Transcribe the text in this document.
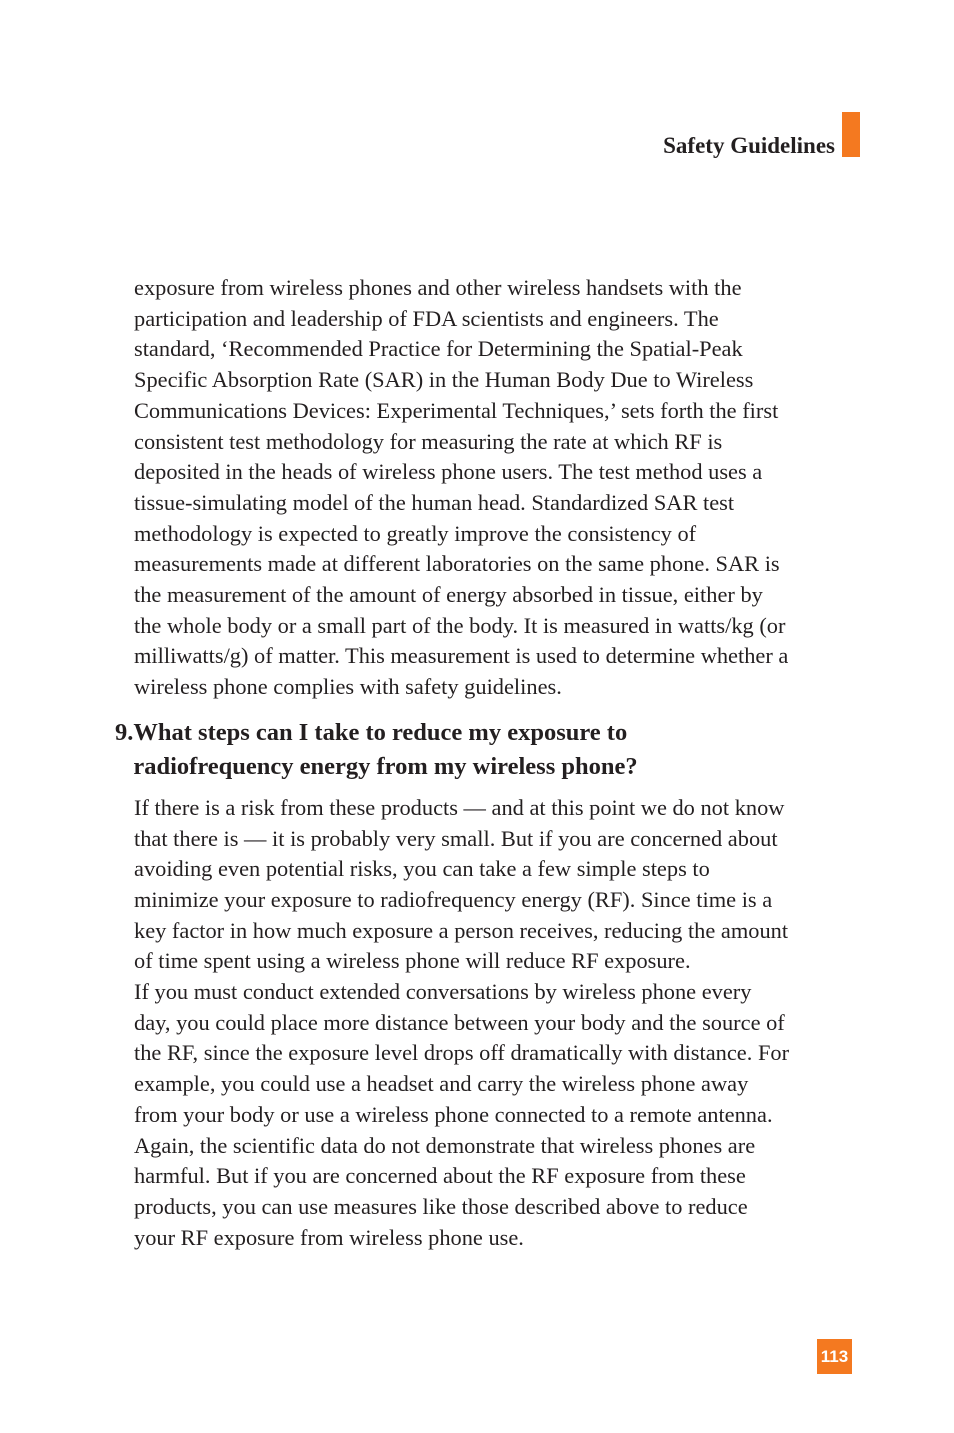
Safety Guidelines

exposure from wireless phones and other wireless handsets with the
participation and leadership of FDA scientists and engineers. The
standard, ‘Recommended Practice for Determining the Spatial-Peak
Specific Absorption Rate (SAR) in the Human Body Due to Wireless
Communications Devices: Experimental Techniques,’ sets forth the first
consistent test methodology for measuring the rate at which RF is
deposited in the heads of wireless phone users. The test method uses a
tissue-simulating model of the human head. Standardized SAR test
methodology is expected to greatly improve the consistency of
measurements made at different laboratories on the same phone. SAR is
the measurement of the amount of energy absorbed in tissue, either by
the whole body or a small part of the body. It is measured in watts/kg (or
milliwatts/g) of matter. This measurement is used to determine whether a
wireless phone complies with safety guidelines.

9. What steps can I take to reduce my exposure to
radiofrequency energy from my wireless phone?

If there is a risk from these products — and at this point we do not know
that there is — it is probably very small. But if you are concerned about
avoiding even potential risks, you can take a few simple steps to
minimize your exposure to radiofrequency energy (RF). Since time is a
key factor in how much exposure a person receives, reducing the amount
of time spent using a wireless phone will reduce RF exposure.

If you must conduct extended conversations by wireless phone every
day, you could place more distance between your body and the source of
the RF, since the exposure level drops off dramatically with distance. For
example, you could use a headset and carry the wireless phone away
from your body or use a wireless phone connected to a remote antenna.
Again, the scientific data do not demonstrate that wireless phones are
harmful. But if you are concerned about the RF exposure from these
products, you can use measures like those described above to reduce
your RF exposure from wireless phone use.

113
